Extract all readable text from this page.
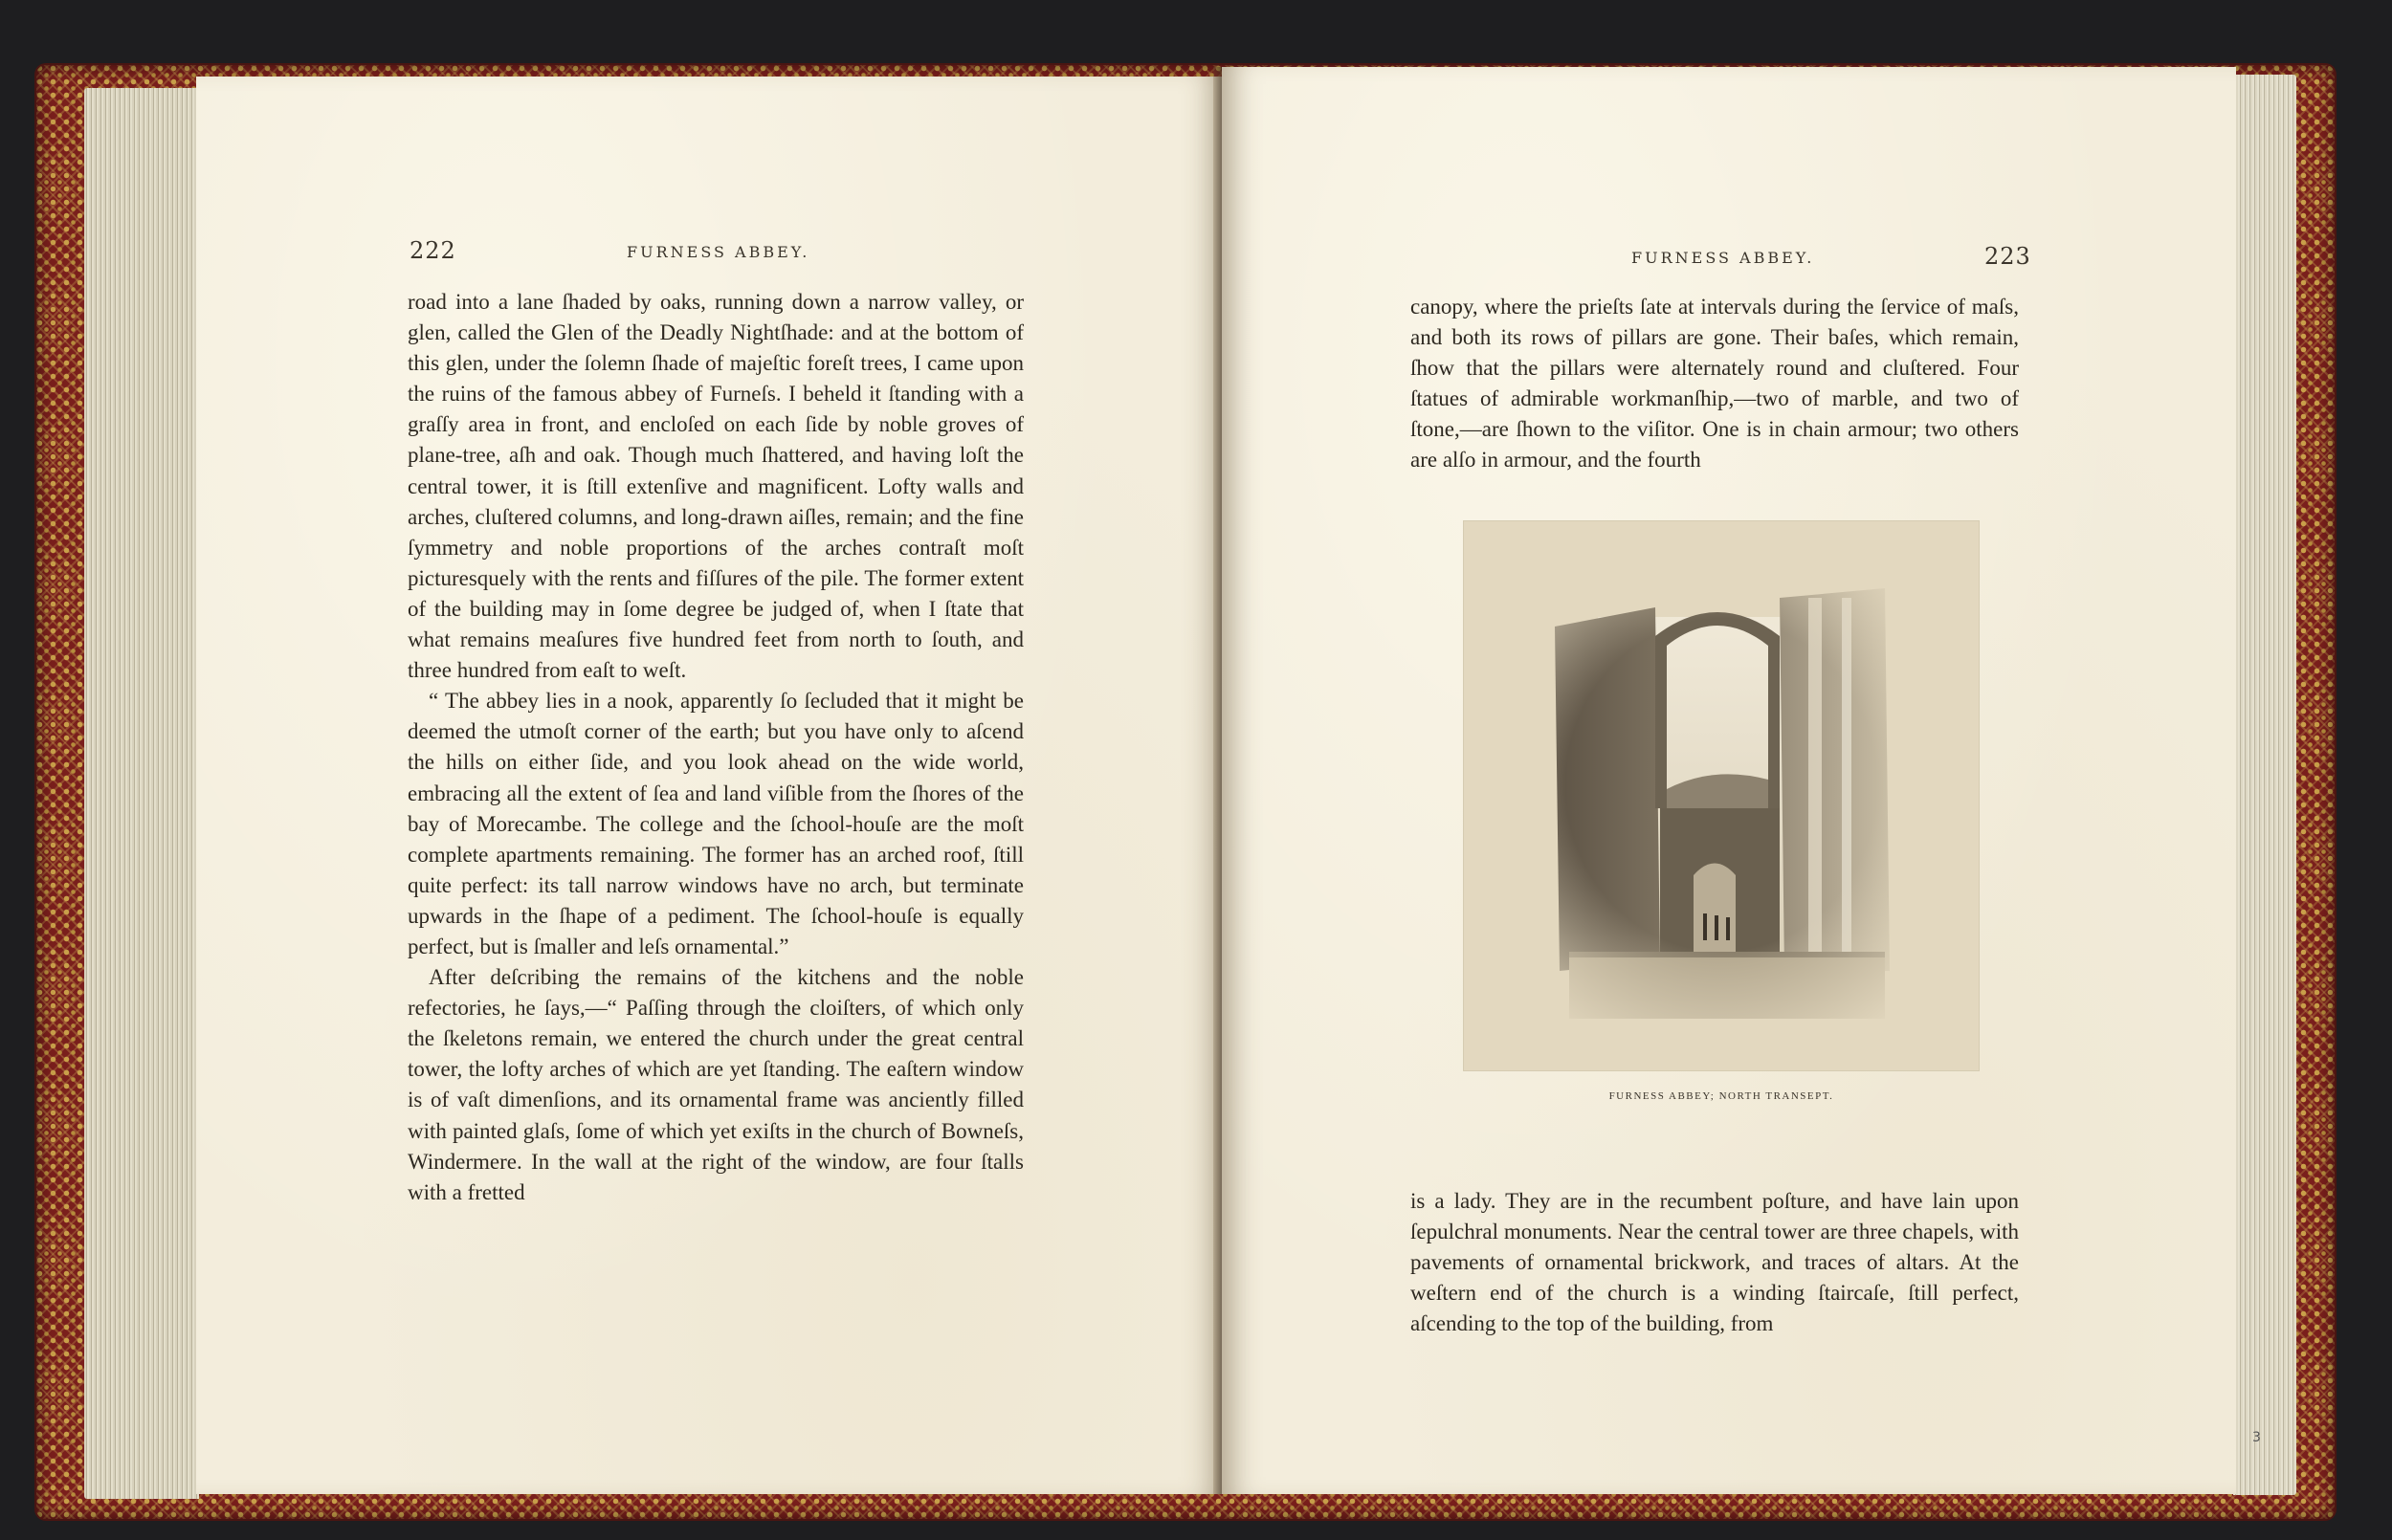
222	FURNESS ABBEY.

road into a lane ſhaded by oaks, running down a narrow valley, or glen, called the Glen of the Deadly Nightſhade: and at the bottom of this glen, under the ſolemn ſhade of majeſtic foreſt trees, I came upon the ruins of the famous abbey of Furneſs. I beheld it ſtanding with a graſſy area in front, and encloſed on each ſide by noble groves of plane-tree, aſh and oak. Though much ſhattered, and having loſt the central tower, it is ſtill extenſive and magnificent. Lofty walls and arches, cluſtered columns, and long-drawn aiſles, remain; and the fine ſymmetry and noble proportions of the arches contraſt moſt picturesquely with the rents and fiſſures of the pile. The former extent of the building may in ſome degree be judged of, when I ſtate that what remains meaſures five hundred feet from north to ſouth, and three hundred from eaſt to weſt.

“ The abbey lies in a nook, apparently ſo ſecluded that it might be deemed the utmoſt corner of the earth; but you have only to aſcend the hills on either ſide, and you look ahead on the wide world, embracing all the extent of ſea and land viſible from the ſhores of the bay of Morecambe. The college and the ſchool-houſe are the moſt complete apartments remaining. The former has an arched roof, ſtill quite perfect: its tall narrow windows have no arch, but terminate upwards in the ſhape of a pediment. The ſchool-houſe is equally perfect, but is ſmaller and leſs ornamental.”

After deſcribing the remains of the kitchens and the noble refectories, he ſays,—“ Paſſing through the cloiſters, of which only the ſkeletons remain, we entered the church under the great central tower, the lofty arches of which are yet ſtanding. The eaſtern window is of vaſt dimenſions, and its ornamental frame was anciently filled with painted glaſs, ſome of which yet exiſts in the church of Bowneſs, Windermere. In the wall at the right of the window, are four ſtalls with a fretted

FURNESS ABBEY.	223

canopy, where the prieſts ſate at intervals during the ſervice of maſs, and both its rows of pillars are gone. Their baſes, which remain, ſhow that the pillars were alternately round and cluſtered. Four ſtatues of admirable workmanſhip,—two of marble, and two of ſtone,—are ſhown to the viſitor. One is in chain armour; two others are alſo in armour, and the fourth

is a lady. They are in the recumbent poſture, and have lain upon ſepulchral monuments. Near the central tower are three chapels, with pavements of ornamental brickwork, and traces of altars. At the weſtern end of the church is a winding ſtaircaſe, ſtill perfect, aſcending to the top of the building, from

FURNESS ABBEY; NORTH TRANSEPT.
3
